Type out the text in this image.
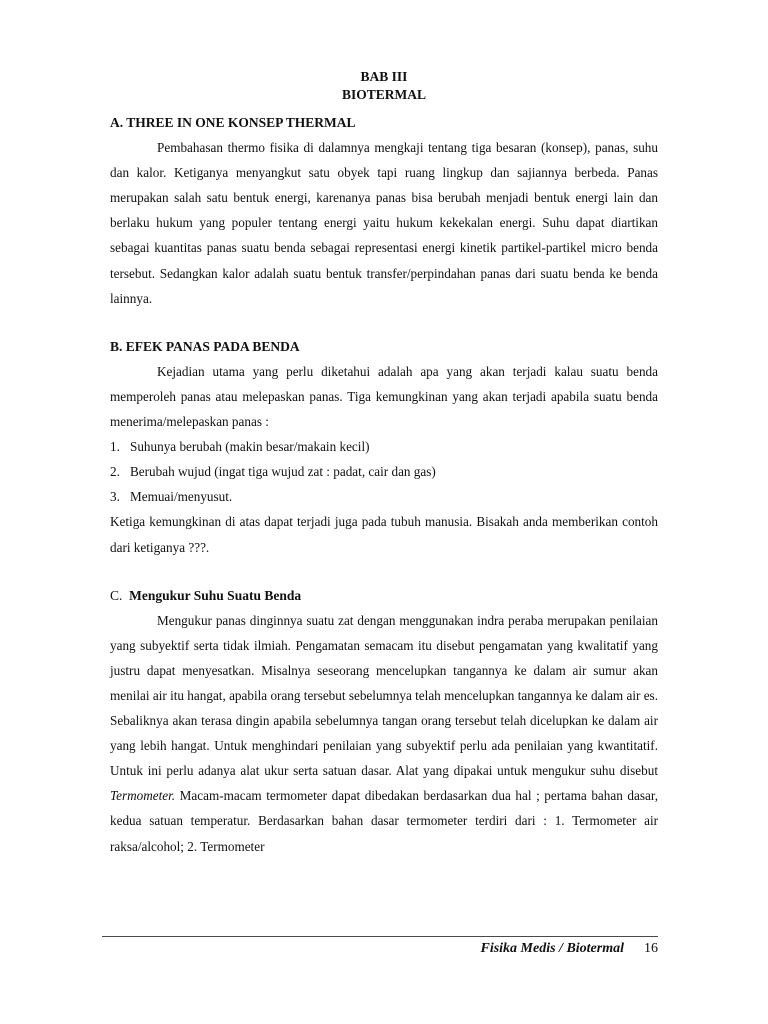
BAB III
BIOTERMAL
A. THREE IN ONE KONSEP THERMAL

Pembahasan thermo fisika di dalamnya mengkaji tentang tiga besaran (konsep), panas, suhu dan kalor. Ketiganya menyangkut satu obyek tapi ruang lingkup dan sajiannya berbeda. Panas merupakan salah satu bentuk energi, karenanya panas bisa berubah menjadi bentuk energi lain dan berlaku hukum yang populer tentang energi yaitu hukum kekekalan energi. Suhu dapat diartikan sebagai kuantitas panas suatu benda sebagai representasi energi kinetik partikel-partikel micro benda tersebut. Sedangkan kalor adalah suatu bentuk transfer/perpindahan panas dari suatu benda ke benda lainnya.

B. EFEK PANAS PADA BENDA

Kejadian utama yang perlu diketahui adalah apa yang akan terjadi kalau suatu benda memperoleh panas atau melepaskan panas. Tiga kemungkinan yang akan terjadi apabila suatu benda menerima/melepaskan panas :

1. Suhunya berubah (makin besar/makain kecil)
2. Berubah wujud (ingat tiga wujud zat : padat, cair dan gas)
3. Memuai/menyusut.

Ketiga kemungkinan di atas dapat terjadi juga pada tubuh manusia. Bisakah anda memberikan contoh dari ketiganya ???.

C. Mengukur Suhu Suatu Benda

Mengukur panas dinginnya suatu zat dengan menggunakan indra peraba merupakan penilaian yang subyektif serta tidak ilmiah. Pengamatan semacam itu disebut pengamatan yang kwalitatif yang justru dapat menyesatkan. Misalnya seseorang mencelupkan tangannya ke dalam air sumur akan menilai air itu hangat, apabila orang tersebut sebelumnya telah mencelupkan tangannya ke dalam air es. Sebaliknya akan terasa dingin apabila sebelumnya tangan orang tersebut telah dicelupkan ke dalam air yang lebih hangat. Untuk menghindari penilaian yang subyektif perlu ada penilaian yang kwantitatif. Untuk ini perlu adanya alat ukur serta satuan dasar. Alat yang dipakai untuk mengukur suhu disebut Termometer. Macam-macam termometer dapat dibedakan berdasarkan dua hal ; pertama bahan dasar, kedua satuan temperatur. Berdasarkan bahan dasar termometer terdiri dari : 1. Termometer air raksa/alcohol; 2. Termometer

Fisika Medis / Biotermal 16
